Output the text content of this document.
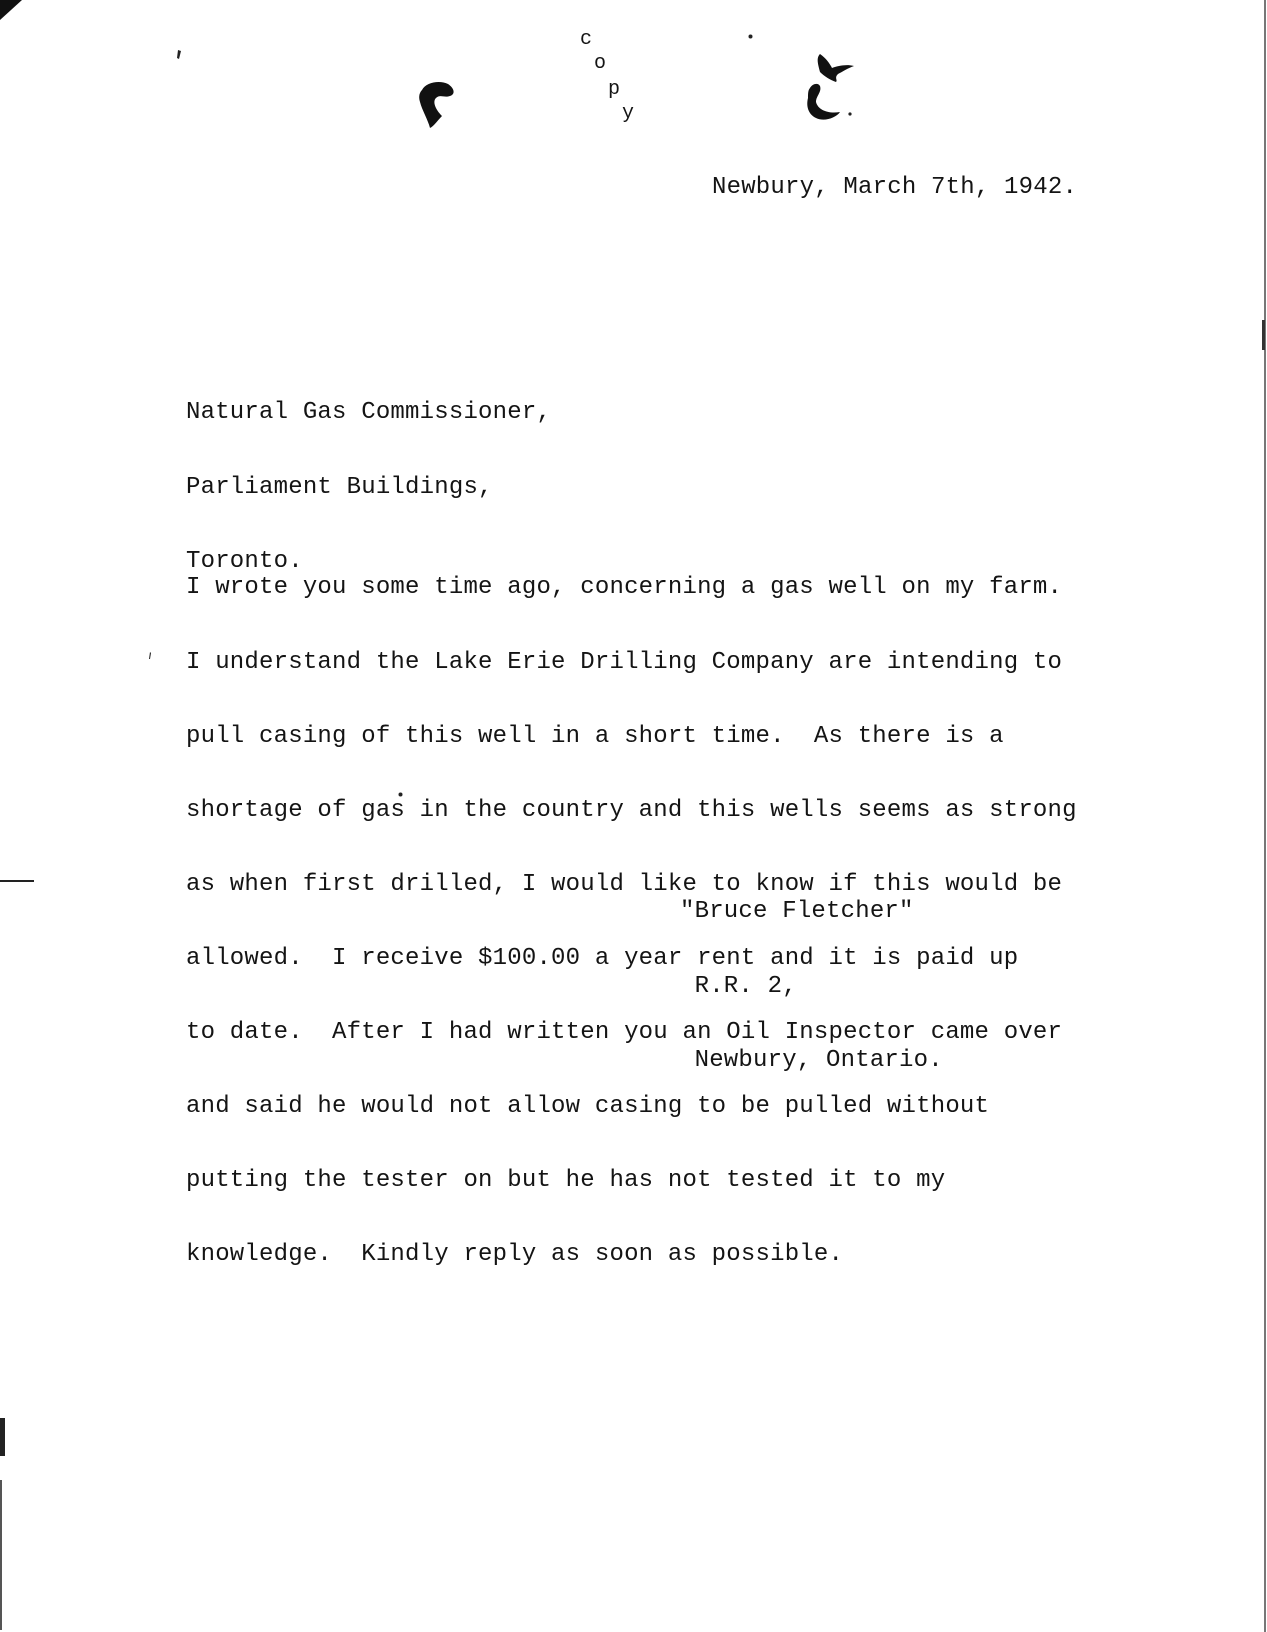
c
o
p
y
Newbury, March 7th, 1942.

Natural Gas Commissioner,

Parliament Buildings,

Toronto.

I wrote you some time ago, concerning a gas well on my farm.

I understand the Lake Erie Drilling Company are intending to

pull casing of this well in a short time.  As there is a

shortage of gas in the country and this wells seems as strong

as when first drilled, I would like to know if this would be

allowed.  I receive $100.00 a year rent and it is paid up

to date.  After I had written you an Oil Inspector came over

and said he would not allow casing to be pulled without

putting the tester on but he has not tested it to my

knowledge.  Kindly reply as soon as possible.

"Bruce Fletcher"

R.R. 2,

Newbury, Ontario.
